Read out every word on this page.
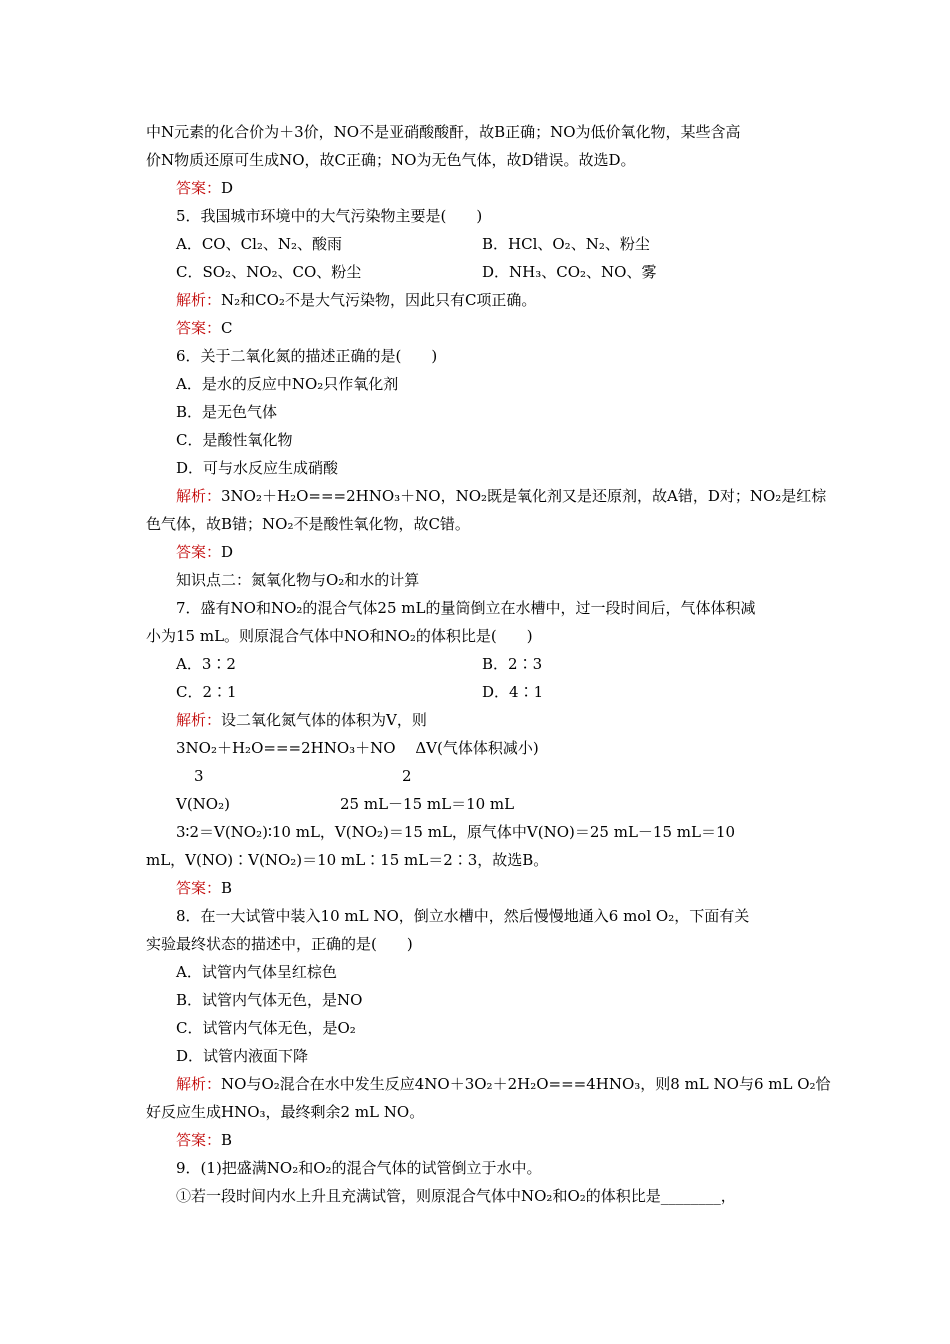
中N元素的化合价为＋3价，NO不是亚硝酸酸酐，故B正确；NO为低价氧化物，某些含高
价N物质还原可生成NO，故C正确；NO为无色气体，故D错误。故选D。
答案：D
5．我国城市环境中的大气污染物主要是(　　)
A．CO、Cl₂、N₂、酸雨	B．HCl、O₂、N₂、粉尘
C．SO₂、NO₂、CO、粉尘	D．NH₃、CO₂、NO、雾
解析：N₂和CO₂不是大气污染物，因此只有C项正确。
答案：C
6．关于二氧化氮的描述正确的是(　　)
A．是水的反应中NO₂只作氧化剂
B．是无色气体
C．是酸性氧化物
D．可与水反应生成硝酸
解析：3NO₂＋H₂O===2HNO₃＋NO，NO₂既是氧化剂又是还原剂，故A错，D对；NO₂是红棕
色气体，故B错；NO₂不是酸性氧化物，故C错。
答案：D
知识点二：氮氧化物与O₂和水的计算
7．盛有NO和NO₂的混合气体25 mL的量筒倒立在水槽中，过一段时间后，气体体积减
小为15 mL。则原混合气体中NO和NO₂的体积比是(　　)
A．3∶2	B．2∶3
C．2∶1	D．4∶1
解析：设二氧化氮气体的体积为V，则
3NO₂＋H₂O===2HNO₃＋NO　 ΔV(气体体积减小)
3	2
V(NO₂)	25 mL－15 mL＝10 mL
3∶2＝V(NO₂)∶10 mL，V(NO₂)＝15 mL，原气体中V(NO)＝25 mL－15 mL＝10
mL，V(NO)∶V(NO₂)＝10 mL∶15 mL＝2∶3，故选B。
答案：B
8．在一大试管中装入10 mL NO，倒立水槽中，然后慢慢地通入6 mol O₂，下面有关
实验最终状态的描述中，正确的是(　　)
A．试管内气体呈红棕色
B．试管内气体无色，是NO
C．试管内气体无色，是O₂
D．试管内液面下降
解析：NO与O₂混合在水中发生反应4NO＋3O₂＋2H₂O===4HNO₃，则8 mL NO与6 mL O₂恰
好反应生成HNO₃，最终剩余2 mL NO。
答案：B
9．(1)把盛满NO₂和O₂的混合气体的试管倒立于水中。
①若一段时间内水上升且充满试管，则原混合气体中NO₂和O₂的体积比是________，
